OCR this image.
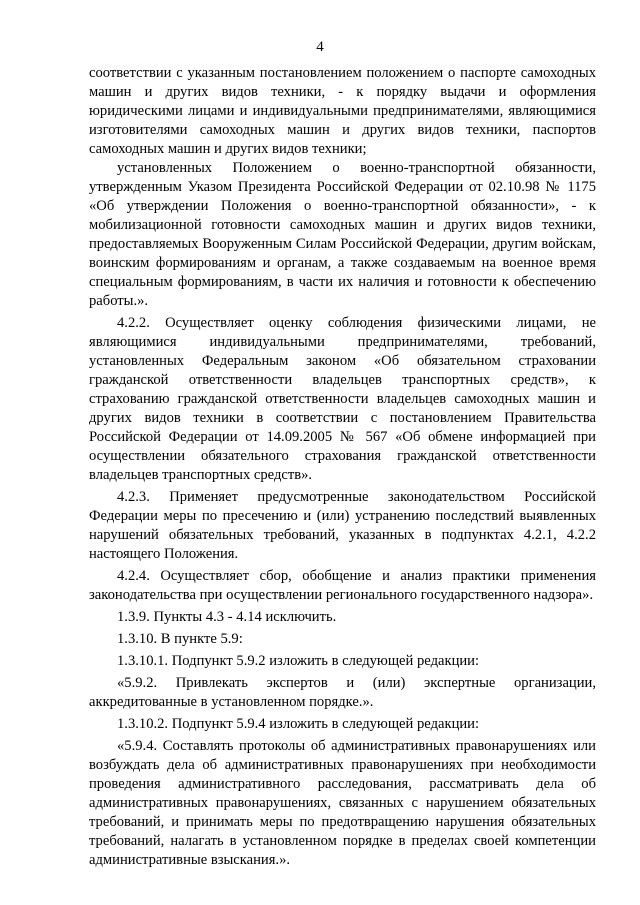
4

соответствии с указанным постановлением положением о паспорте самоходных машин и других видов техники, - к порядку выдачи и оформления юридическими лицами и индивидуальными предпринимателями, являющимися изготовителями самоходных машин и других видов техники, паспортов самоходных машин и других видов техники;

установленных Положением о военно-транспортной обязанности, утвержденным Указом Президента Российской Федерации от 02.10.98 № 1175 «Об утверждении Положения о военно-транспортной обязанности», - к мобилизационной готовности самоходных машин и других видов техники, предоставляемых Вооруженным Силам Российской Федерации, другим войскам, воинским формированиям и органам, а также создаваемым на военное время специальным формированиям, в части их наличия и готовности к обеспечению работы.».

4.2.2. Осуществляет оценку соблюдения физическими лицами, не являющимися индивидуальными предпринимателями, требований, установленных Федеральным законом «Об обязательном страховании гражданской ответственности владельцев транспортных средств», к страхованию гражданской ответственности владельцев самоходных машин и других видов техники в соответствии с постановлением Правительства Российской Федерации от 14.09.2005 № 567 «Об обмене информацией при осуществлении обязательного страхования гражданской ответственности владельцев транспортных средств».

4.2.3. Применяет предусмотренные законодательством Российской Федерации меры по пресечению и (или) устранению последствий выявленных нарушений обязательных требований, указанных в подпунктах 4.2.1, 4.2.2 настоящего Положения.

4.2.4. Осуществляет сбор, обобщение и анализ практики применения законодательства при осуществлении регионального государственного надзора».

1.3.9. Пункты 4.3 - 4.14 исключить.

1.3.10. В пункте 5.9:

1.3.10.1. Подпункт 5.9.2 изложить в следующей редакции:

«5.9.2. Привлекать экспертов и (или) экспертные организации, аккредитованные в установленном порядке.».

1.3.10.2. Подпункт 5.9.4 изложить в следующей редакции:

«5.9.4. Составлять протоколы об административных правонарушениях или возбуждать дела об административных правонарушениях при необходимости проведения административного расследования, рассматривать дела об административных правонарушениях, связанных с нарушением обязательных требований, и принимать меры по предотвращению нарушения обязательных требований, налагать в установленном порядке в пределах своей компетенции административные взыскания.».
